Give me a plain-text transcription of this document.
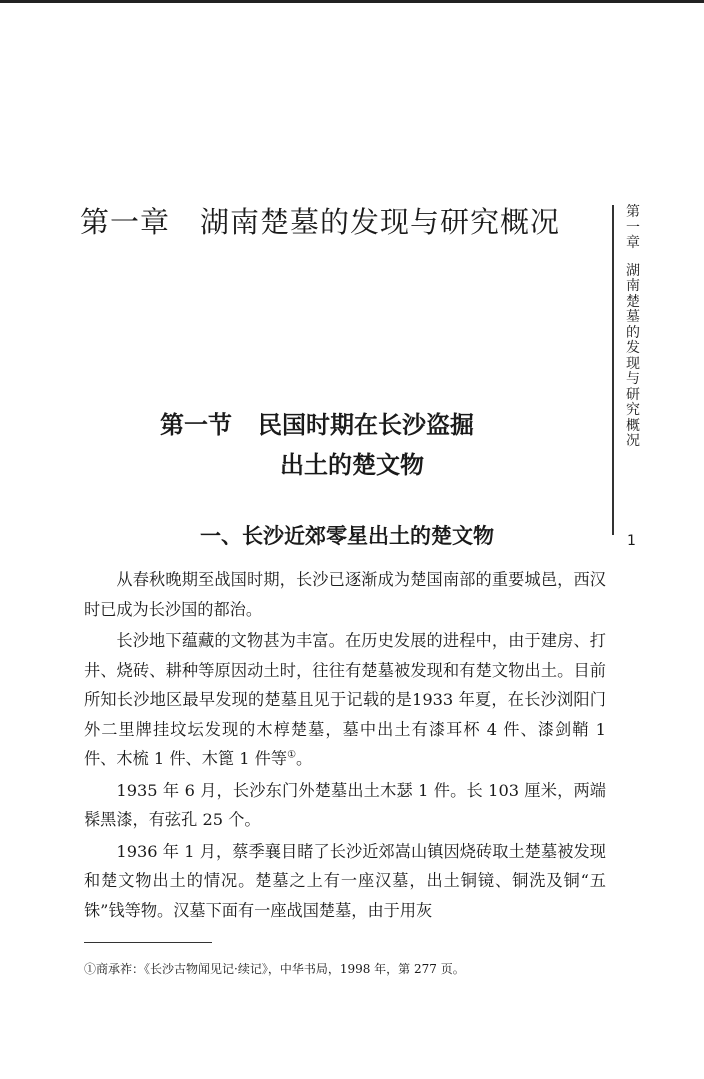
第一章 湖南楚墓的发现与研究概况	第一章
湖南楚墓的发现与研究概况
1
第一节 民国时期在长沙盗掘
出土的楚文物
一、长沙近郊零星出土的楚文物

从春秋晚期至战国时期，长沙已逐渐成为楚国南部的重要城邑，西汉时已成为长沙国的都治。

长沙地下蕴藏的文物甚为丰富。在历史发展的进程中，由于建房、打井、烧砖、耕种等原因动土时，往往有楚墓被发现和有楚文物出土。目前所知长沙地区最早发现的楚墓且见于记载的是1933 年夏，在长沙浏阳门外二里牌挂坟坛发现的木椁楚墓，墓中出土有漆耳杯 4 件、漆剑鞘 1 件、木梳 1 件、木篦 1 件等①。

1935 年 6 月，长沙东门外楚墓出土木瑟 1 件。长 103 厘米，两端髹黑漆，有弦孔 25 个。

1936 年 1 月，蔡季襄目睹了长沙近郊嵩山镇因烧砖取土楚墓被发现和楚文物出土的情况。楚墓之上有一座汉墓，出土铜镜、铜洗及铜“五铢”钱等物。汉墓下面有一座战国楚墓，由于用灰

①商承祚：《长沙古物闻见记·续记》，中华书局，1998 年，第 277 页。
